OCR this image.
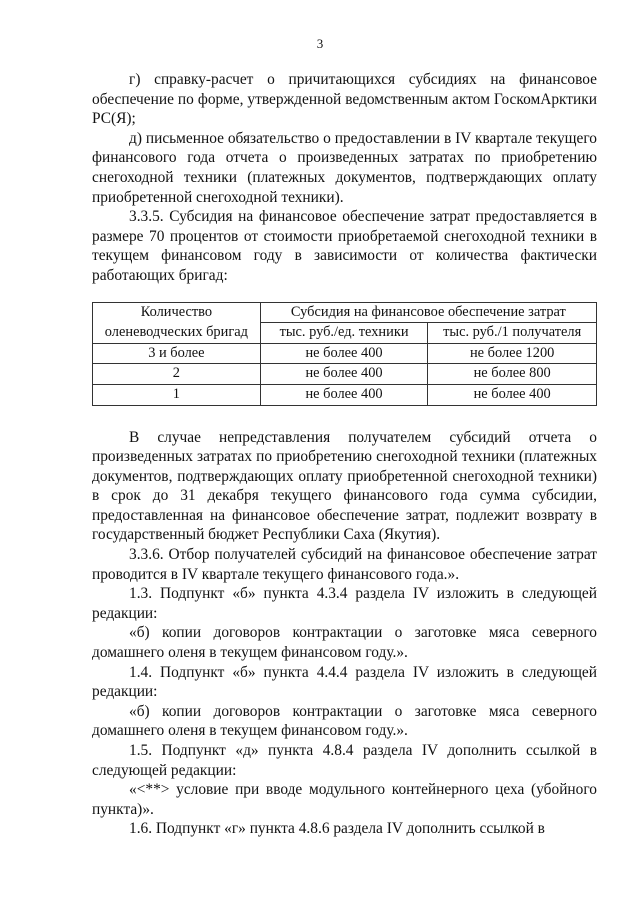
3

г) справку-расчет о причитающихся субсидиях на финансовое обеспечение по форме, утвержденной ведомственным актом ГоскомАрктики РС(Я);

д) письменное обязательство о предоставлении в IV квартале текущего финансового года отчета о произведенных затратах по приобретению снегоходной техники (платежных документов, подтверждающих оплату приобретенной снегоходной техники).

3.3.5. Субсидия на финансовое обеспечение затрат предоставляется в размере 70 процентов от стоимости приобретаемой снегоходной техники в текущем финансовом году в зависимости от количества фактически работающих бригад:

Количество
оленеводческих бригад	Субсидия на финансовое обеспечение затрат	
	тыс. руб./ед. техники	тыс. руб./1 получателя
3 и более	не более 400	не более 1200
2	не более 400	не более 800
1	не более 400	не более 400

В случае непредставления получателем субсидий отчета о произведенных затратах по приобретению снегоходной техники (платежных документов, подтверждающих оплату приобретенной снегоходной техники) в срок до 31 декабря текущего финансового года сумма субсидии, предоставленная на финансовое обеспечение затрат, подлежит возврату в государственный бюджет Республики Саха (Якутия).

3.3.6. Отбор получателей субсидий на финансовое обеспечение затрат проводится в IV квартале текущего финансового года.».

1.3. Подпункт «б» пункта 4.3.4 раздела IV изложить в следующей редакции:

«б) копии договоров контрактации о заготовке мяса северного домашнего оленя в текущем финансовом году.».

1.4. Подпункт «б» пункта 4.4.4 раздела IV изложить в следующей редакции:

«б) копии договоров контрактации о заготовке мяса северного домашнего оленя в текущем финансовом году.».

1.5. Подпункт «д» пункта 4.8.4 раздела IV дополнить ссылкой в следующей редакции:

«<**> условие при вводе модульного контейнерного цеха (убойного пункта)».

1.6. Подпункт «г» пункта 4.8.6 раздела IV дополнить ссылкой в
